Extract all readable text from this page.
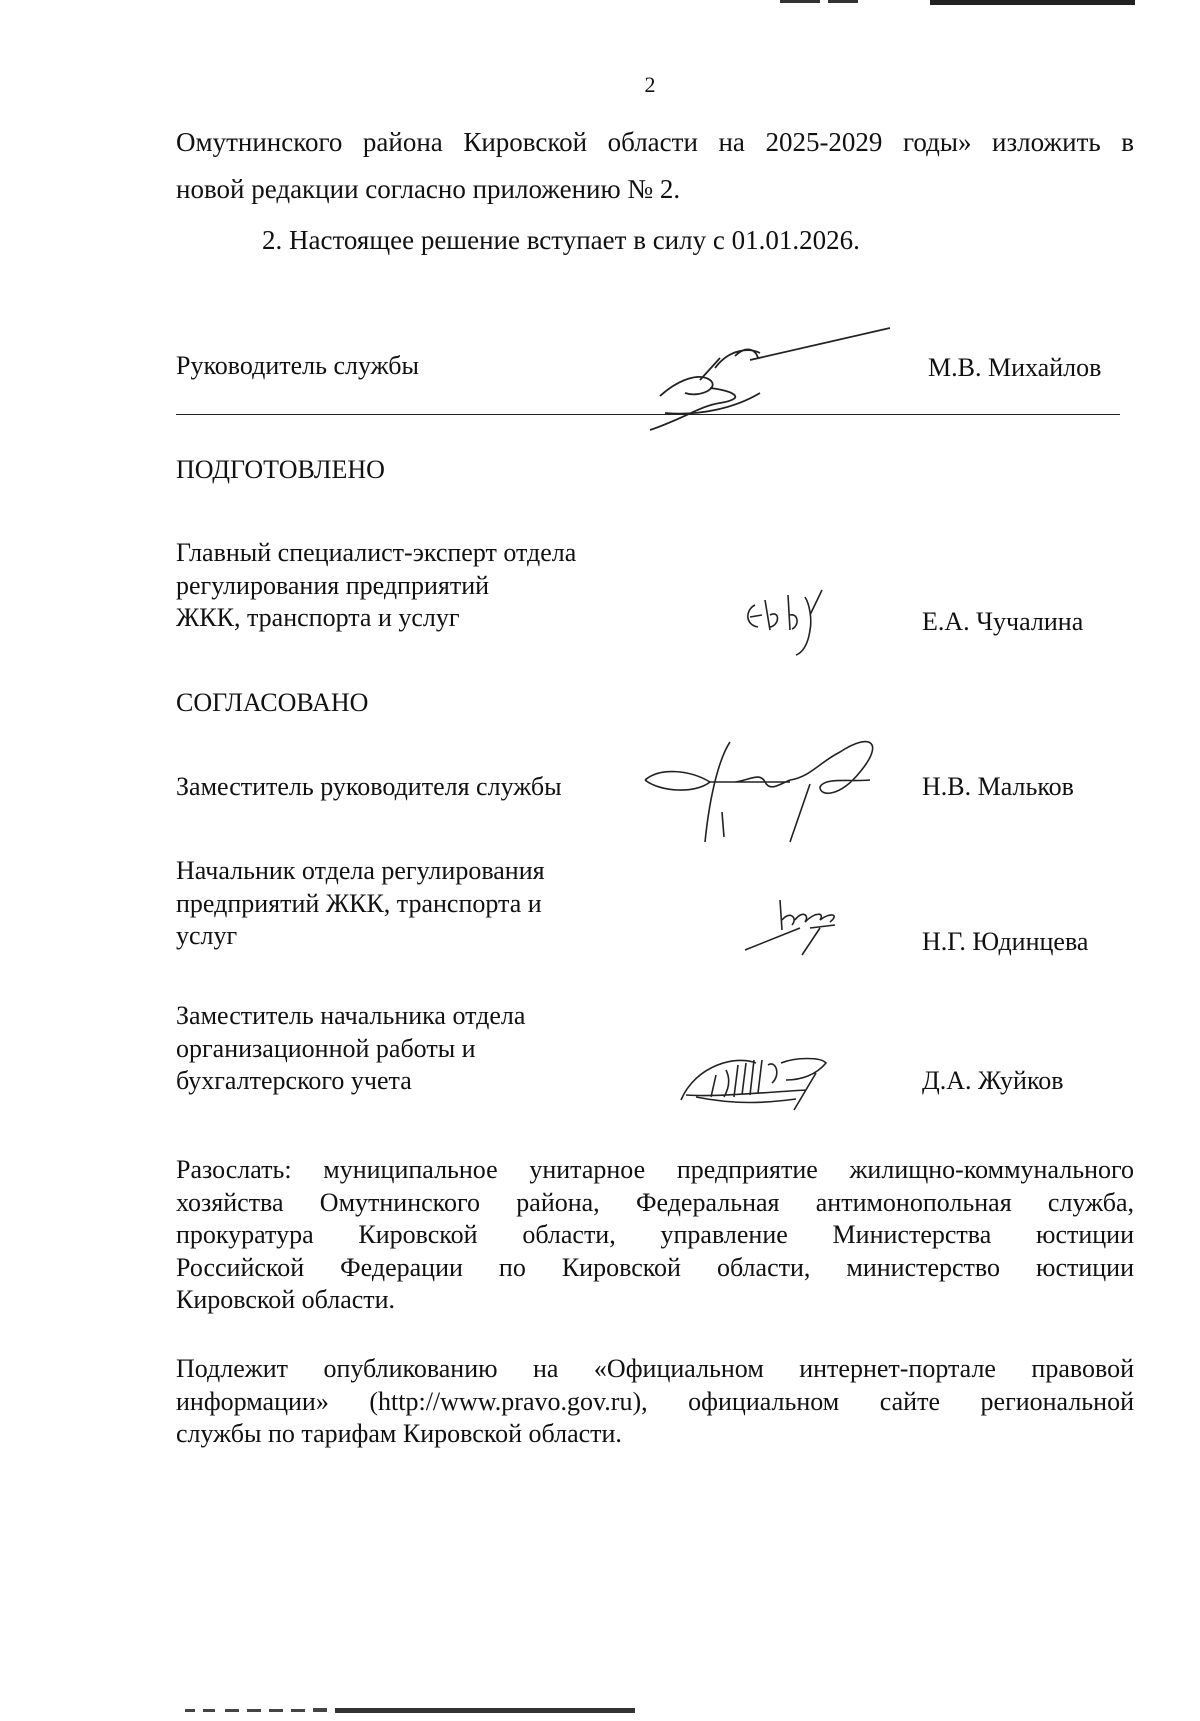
2
Омутнинского района Кировской области на 2025-2029 годы» изложить в
новой редакции согласно приложению № 2.
2. Настоящее решение вступает в силу с 01.01.2026.
Руководитель службы	М.В. Михайлов
ПОДГОТОВЛЕНО
Главный специалист-эксперт отдела
регулирования предприятий
ЖКК, транспорта и услуг	Е.А. Чучалина
СОГЛАСОВАНО
Заместитель руководителя службы	Н.В. Мальков
Начальник отдела регулирования
предприятий ЖКК, транспорта и
услуг	Н.Г. Юдинцева
Заместитель начальника отдела
организационной работы и
бухгалтерского учета	Д.А. Жуйков
Разослать: муниципальное унитарное предприятие жилищно-коммунального
хозяйства Омутнинского района, Федеральная антимонопольная служба,
прокуратура Кировской области, управление Министерства юстиции
Российской Федерации по Кировской области, министерство юстиции
Кировской области.
Подлежит опубликованию на «Официальном интернет-портале правовой
информации» (http://www.pravo.gov.ru), официальном сайте региональной
службы по тарифам Кировской области.
